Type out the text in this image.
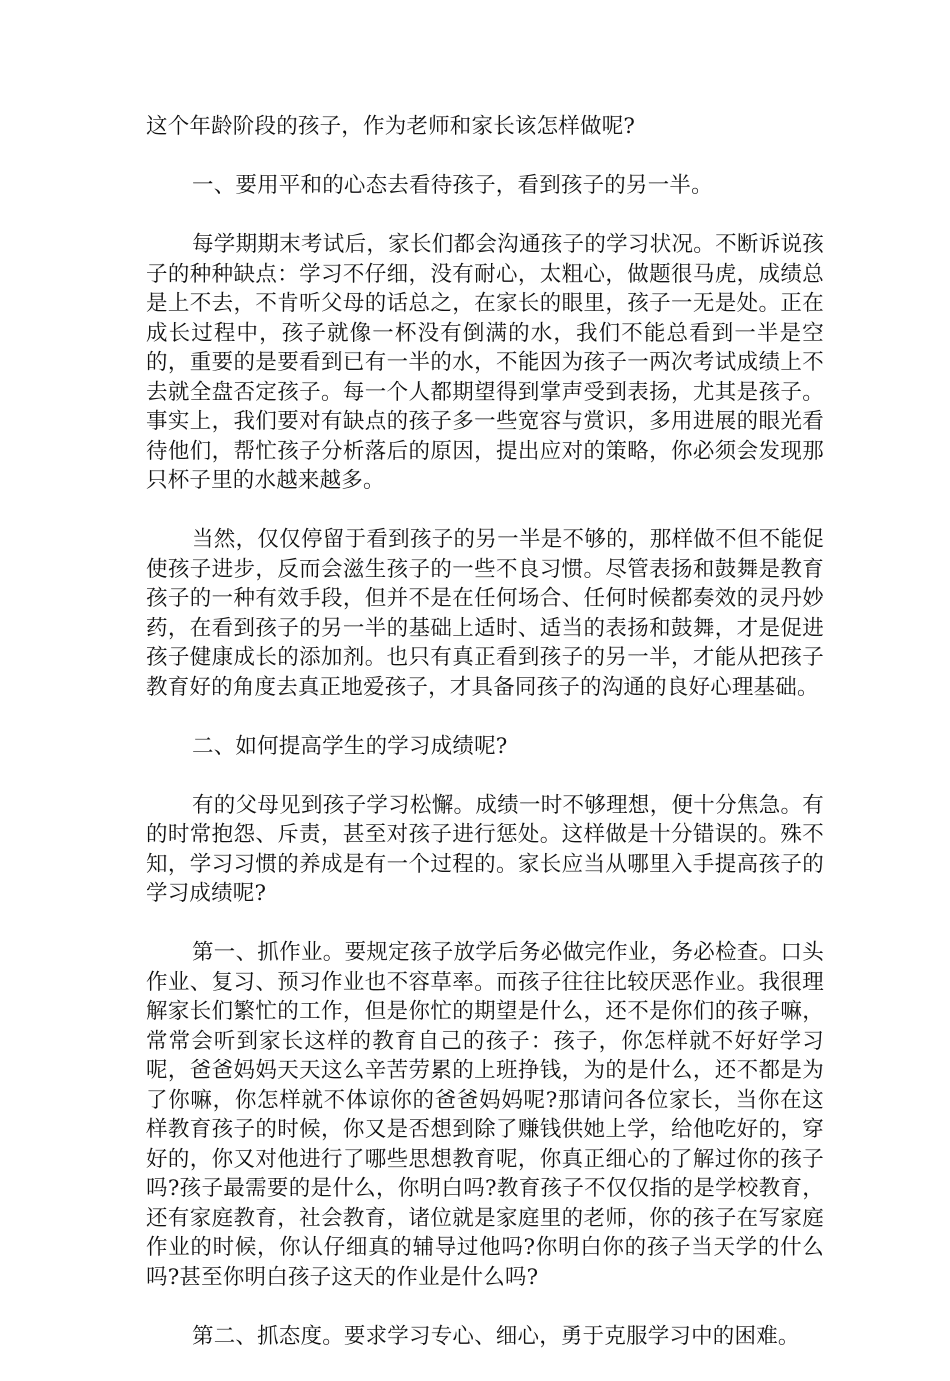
这个年龄阶段的孩子，作为老师和家长该怎样做呢?

一、要用平和的心态去看待孩子，看到孩子的另一半。

每学期期末考试后，家长们都会沟通孩子的学习状况。不断诉说孩子的种种缺点：学习不仔细，没有耐心，太粗心，做题很马虎，成绩总是上不去，不肯听父母的话总之，在家长的眼里，孩子一无是处。正在成长过程中，孩子就像一杯没有倒满的水，我们不能总看到一半是空的，重要的是要看到已有一半的水，不能因为孩子一两次考试成绩上不去就全盘否定孩子。每一个人都期望得到掌声受到表扬，尤其是孩子。事实上，我们要对有缺点的孩子多一些宽容与赏识，多用进展的眼光看待他们，帮忙孩子分析落后的原因，提出应对的策略，你必须会发现那只杯子里的水越来越多。

当然，仅仅停留于看到孩子的另一半是不够的，那样做不但不能促使孩子进步，反而会滋生孩子的一些不良习惯。尽管表扬和鼓舞是教育孩子的一种有效手段，但并不是在任何场合、任何时候都奏效的灵丹妙药，在看到孩子的另一半的基础上适时、适当的表扬和鼓舞，才是促进孩子健康成长的添加剂。也只有真正看到孩子的另一半，才能从把孩子教育好的角度去真正地爱孩子，才具备同孩子的沟通的良好心理基础。

二、如何提高学生的学习成绩呢?

有的父母见到孩子学习松懈。成绩一时不够理想，便十分焦急。有的时常抱怨、斥责，甚至对孩子进行惩处。这样做是十分错误的。殊不知，学习习惯的养成是有一个过程的。家长应当从哪里入手提高孩子的学习成绩呢?

第一、抓作业。要规定孩子放学后务必做完作业，务必检查。口头作业、复习、预习作业也不容草率。而孩子往往比较厌恶作业。我很理解家长们繁忙的工作，但是你忙的期望是什么，还不是你们的孩子嘛，常常会听到家长这样的教育自己的孩子：孩子，你怎样就不好好学习呢，爸爸妈妈天天这么辛苦劳累的上班挣钱，为的是什么，还不都是为了你嘛，你怎样就不体谅你的爸爸妈妈呢?那请问各位家长，当你在这样教育孩子的时候，你又是否想到除了赚钱供她上学，给他吃好的，穿好的，你又对他进行了哪些思想教育呢，你真正细心的了解过你的孩子吗?孩子最需要的是什么，你明白吗?教育孩子不仅仅指的是学校教育，还有家庭教育，社会教育，诸位就是家庭里的老师，你的孩子在写家庭作业的时候，你认仔细真的辅导过他吗?你明白你的孩子当天学的什么吗?甚至你明白孩子这天的作业是什么吗?

第二、抓态度。要求学习专心、细心，勇于克服学习中的困难。
